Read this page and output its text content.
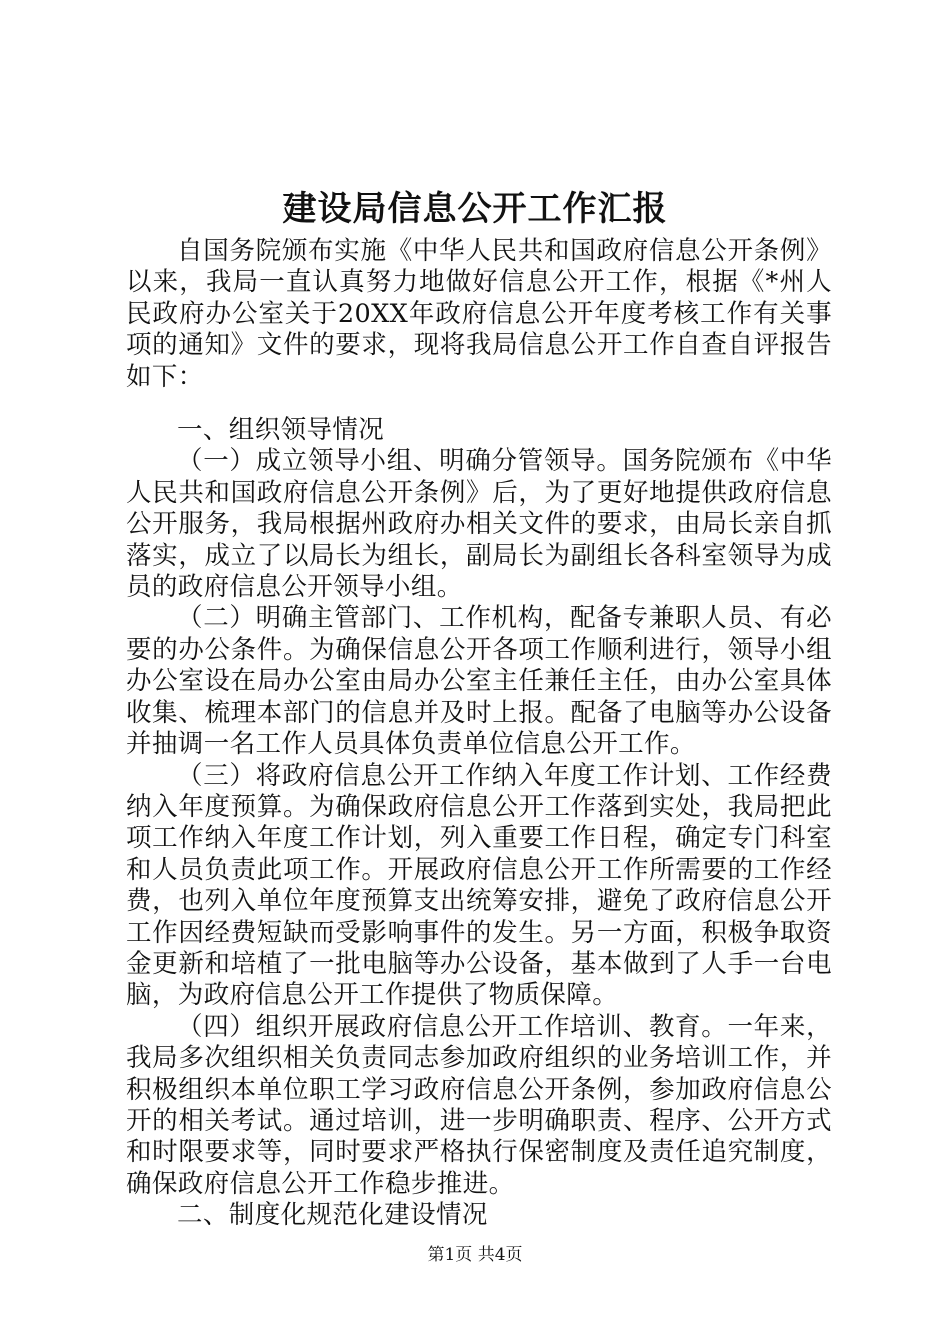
建设局信息公开工作汇报

自国务院颁布实施《中华人民共和国政府信息公开条例》以来，我局一直认真努力地做好信息公开工作，根据《*州人民政府办公室关于20XX年政府信息公开年度考核工作有关事项的通知》文件的要求，现将我局信息公开工作自查自评报告如下：

一、组织领导情况

（一）成立领导小组、明确分管领导。国务院颁布《中华人民共和国政府信息公开条例》后，为了更好地提供政府信息公开服务，我局根据州政府办相关文件的要求，由局长亲自抓落实，成立了以局长为组长，副局长为副组长各科室领导为成员的政府信息公开领导小组。

（二）明确主管部门、工作机构，配备专兼职人员、有必要的办公条件。为确保信息公开各项工作顺利进行，领导小组办公室设在局办公室由局办公室主任兼任主任，由办公室具体收集、梳理本部门的信息并及时上报。配备了电脑等办公设备并抽调一名工作人员具体负责单位信息公开工作。

（三）将政府信息公开工作纳入年度工作计划、工作经费纳入年度预算。为确保政府信息公开工作落到实处，我局把此项工作纳入年度工作计划，列入重要工作日程，确定专门科室和人员负责此项工作。开展政府信息公开工作所需要的工作经费，也列入单位年度预算支出统筹安排，避免了政府信息公开工作因经费短缺而受影响事件的发生。另一方面，积极争取资金更新和培植了一批电脑等办公设备，基本做到了人手一台电脑，为政府信息公开工作提供了物质保障。

（四）组织开展政府信息公开工作培训、教育。一年来，我局多次组织相关负责同志参加政府组织的业务培训工作，并积极组织本单位职工学习政府信息公开条例，参加政府信息公开的相关考试。通过培训，进一步明确职责、程序、公开方式和时限要求等，同时要求严格执行保密制度及责任追究制度，确保政府信息公开工作稳步推进。

二、制度化规范化建设情况

第1页 共4页
